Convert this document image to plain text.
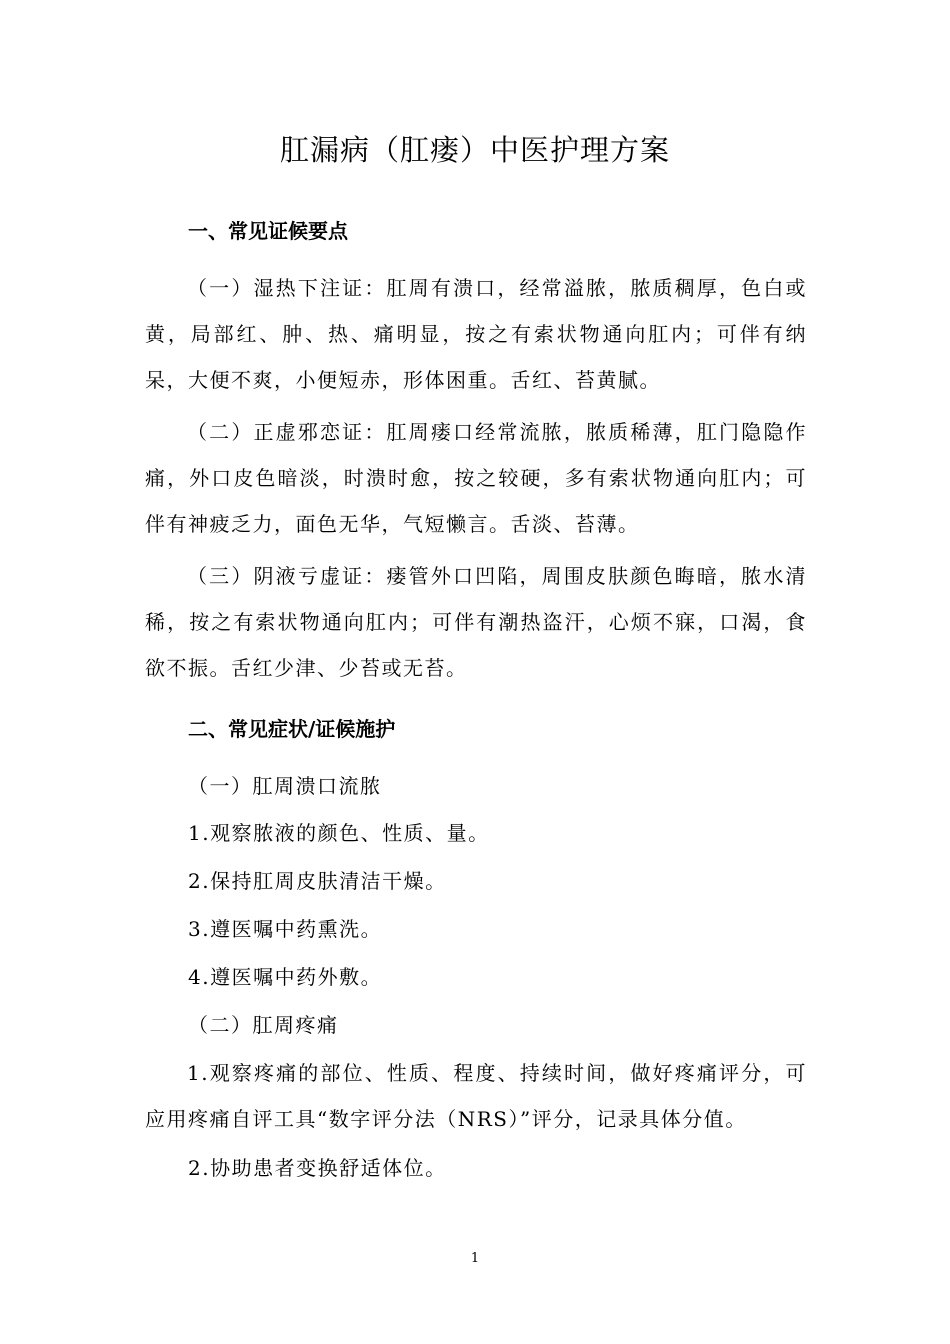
肛漏病（肛瘘）中医护理方案
一、常见证候要点

（一）湿热下注证：肛周有溃口，经常溢脓，脓质稠厚，色白或黄，局部红、肿、热、痛明显，按之有索状物通向肛内；可伴有纳呆，大便不爽，小便短赤，形体困重。舌红、苔黄腻。

（二）正虚邪恋证：肛周瘘口经常流脓，脓质稀薄，肛门隐隐作痛，外口皮色暗淡，时溃时愈，按之较硬，多有索状物通向肛内；可伴有神疲乏力，面色无华，气短懒言。舌淡、苔薄。

（三）阴液亏虚证：瘘管外口凹陷，周围皮肤颜色晦暗，脓水清稀，按之有索状物通向肛内；可伴有潮热盗汗，心烦不寐，口渴，食欲不振。舌红少津、少苔或无苔。

二、常见症状/证候施护

（一）肛周溃口流脓

1.观察脓液的颜色、性质、量。

2.保持肛周皮肤清洁干燥。

3.遵医嘱中药熏洗。

4.遵医嘱中药外敷。

（二）肛周疼痛

1.观察疼痛的部位、性质、程度、持续时间，做好疼痛评分，可应用疼痛自评工具“数字评分法（NRS）”评分，记录具体分值。

2.协助患者变换舒适体位。

1
